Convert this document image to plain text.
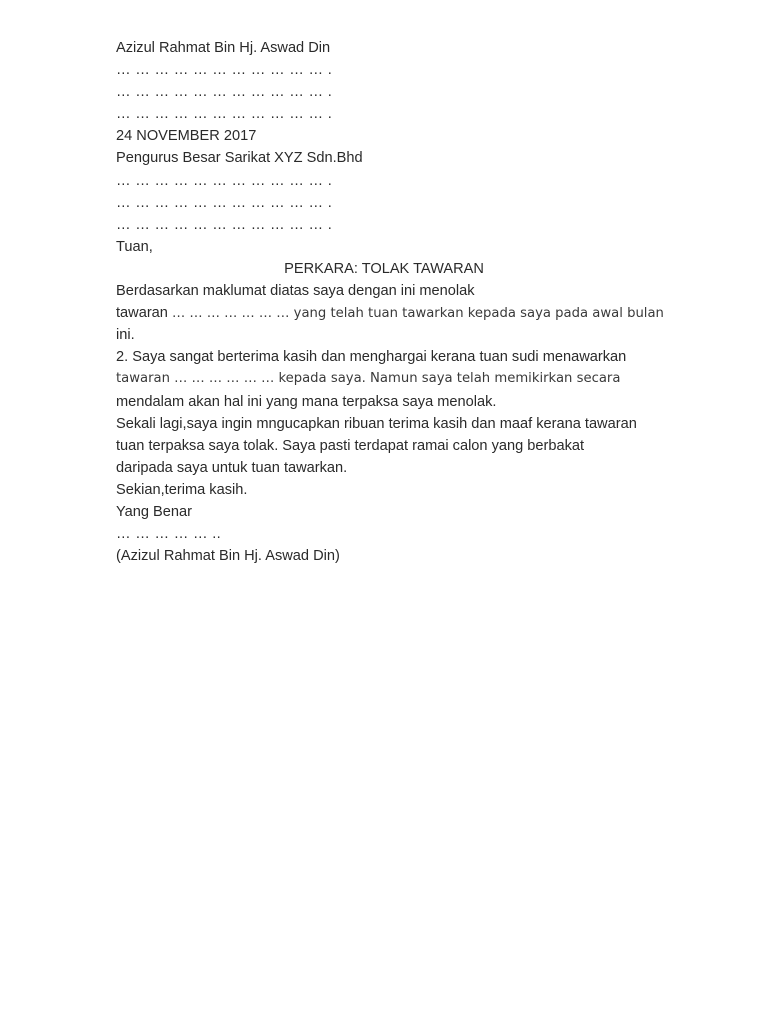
Azizul Rahmat Bin Hj. Aswad Din
… … … … … … … … … … … .
… … … … … … … … … … … .
… … … … … … … … … … … .
24 NOVEMBER 2017
Pengurus Besar Sarikat XYZ Sdn.Bhd
… … … … … … … … … … … .
… … … … … … … … … … … .
… … … … … … … … … … … .
Tuan,
PERKARA: TOLAK TAWARAN
Berdasarkan maklumat diatas saya dengan ini menolak
tawaran … … … … … … … yang telah tuan tawarkan kepada saya pada awal bulan
ini.
2. Saya sangat berterima kasih dan menghargai kerana tuan sudi menawarkan
tawaran … … … … … … kepada saya. Namun saya telah memikirkan secara
mendalam akan hal ini yang mana terpaksa saya menolak.
Sekali lagi,saya ingin mngucapkan ribuan terima kasih dan maaf kerana tawaran
tuan terpaksa saya tolak. Saya pasti terdapat ramai calon yang berbakat
daripada saya untuk tuan tawarkan.
Sekian,terima kasih.
Yang Benar
… … … … … ..
(Azizul Rahmat Bin Hj. Aswad Din)
